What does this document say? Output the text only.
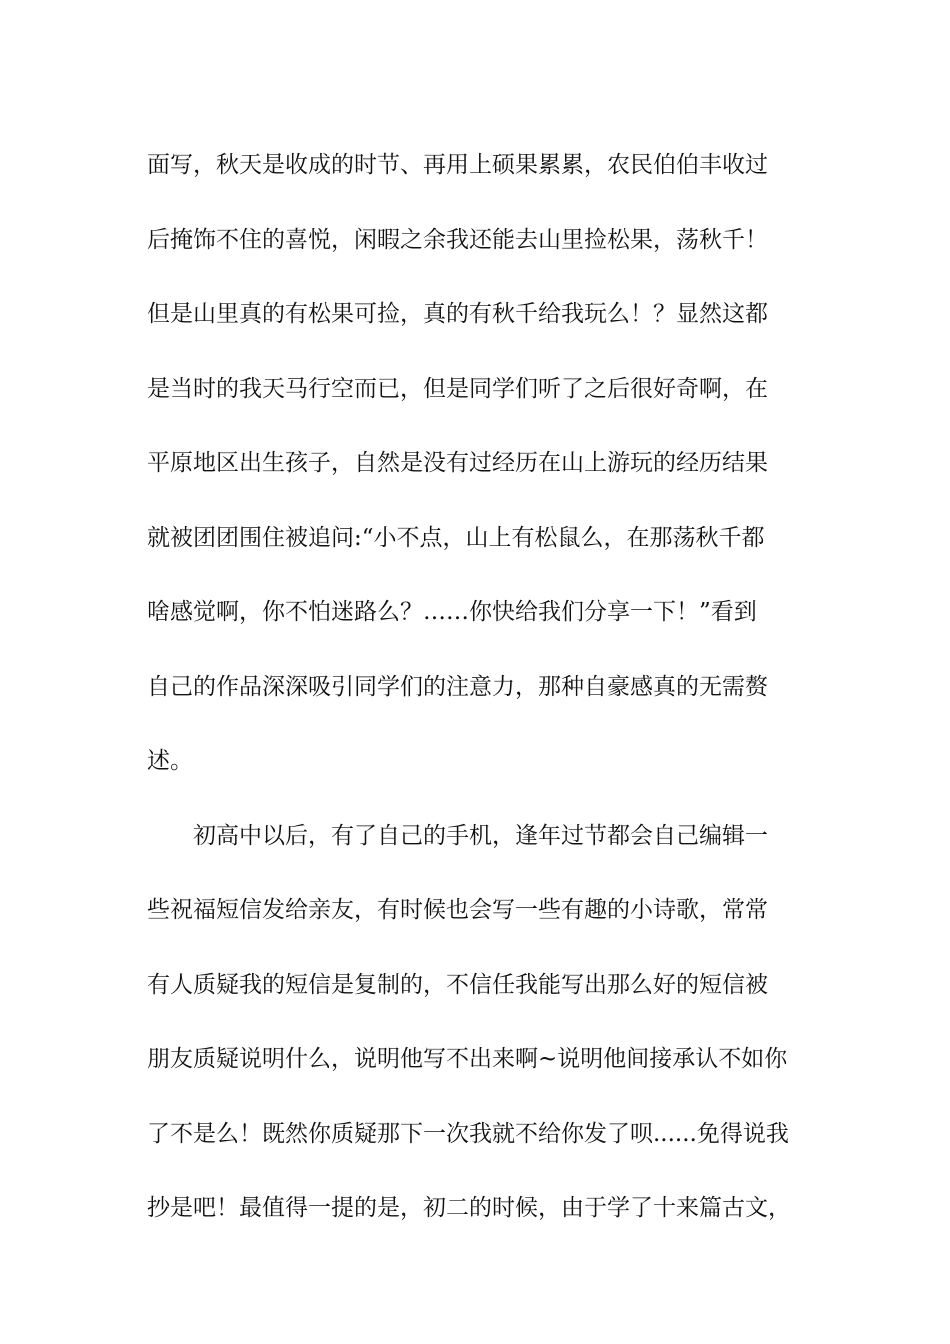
面写，秋天是收成的时节、再用上硕果累累，农民伯伯丰收过
后掩饰不住的喜悦，闲暇之余我还能去山里捡松果，荡秋千！
但是山里真的有松果可捡，真的有秋千给我玩么！？显然这都
是当时的我天马行空而已，但是同学们听了之后很好奇啊，在
平原地区出生孩子，自然是没有过经历在山上游玩的经历结果
就被团团围住被追问:“小不点，山上有松鼠么，在那荡秋千都
啥感觉啊，你不怕迷路么？……你快给我们分享一下！”看到
自己的作品深深吸引同学们的注意力，那种自豪感真的无需赘
述。
初高中以后，有了自己的手机，逢年过节都会自己编辑一
些祝福短信发给亲友，有时候也会写一些有趣的小诗歌，常常
有人质疑我的短信是复制的，不信任我能写出那么好的短信被
朋友质疑说明什么，说明他写不出来啊~说明他间接承认不如你
了不是么！既然你质疑那下一次我就不给你发了呗......免得说我
抄是吧！最值得一提的是，初二的时候，由于学了十来篇古文，
